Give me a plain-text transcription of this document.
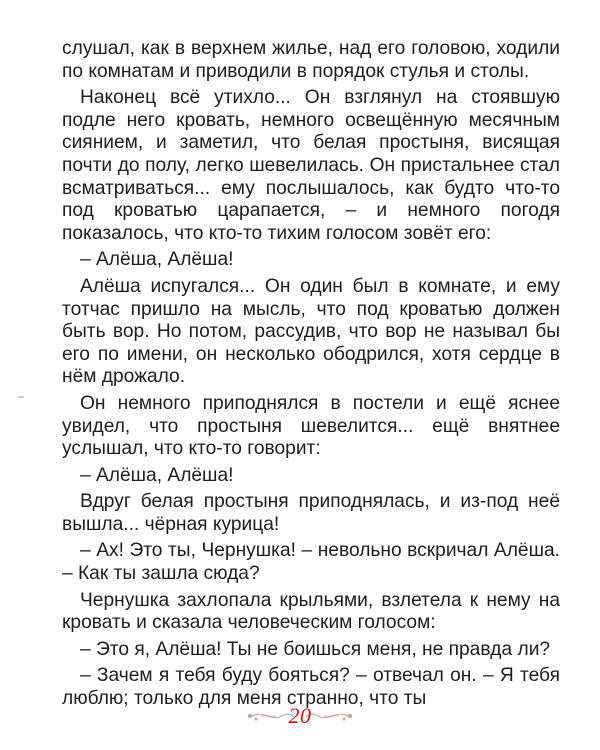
слушал, как в верхнем жилье, над его головою, ходили по комнатам и приводили в порядок стулья и столы.

Наконец всё утихло... Он взглянул на стоявшую подле него кровать, немного освещённую месячным сиянием, и заметил, что белая простыня, висящая почти до полу, легко шевелилась. Он пристальнее стал всматриваться... ему послышалось, как будто что-то под кроватью царапается, – и немного погодя показалось, что кто-то тихим голосом зовёт его:

– Алёша, Алёша!

Алёша испугался... Он один был в комнате, и ему тотчас пришло на мысль, что под кроватью должен быть вор. Но потом, рассудив, что вор не называл бы его по имени, он несколько ободрился, хотя сердце в нём дрожало.

Он немного приподнялся в постели и ещё яснее увидел, что простыня шевелится... ещё внятнее услышал, что кто-то говорит:

– Алёша, Алёша!

Вдруг белая простыня приподнялась, и из-под неё вышла... чёрная курица!

– Ах! Это ты, Чернушка! – невольно вскричал Алёша. – Как ты зашла сюда?

Чернушка захлопала крыльями, взлетела к нему на кровать и сказала человеческим голосом:

– Это я, Алёша! Ты не боишься меня, не правда ли?

– Зачем я тебя буду бояться? – отвечал он. – Я тебя люблю; только для меня странно, что ты

20
